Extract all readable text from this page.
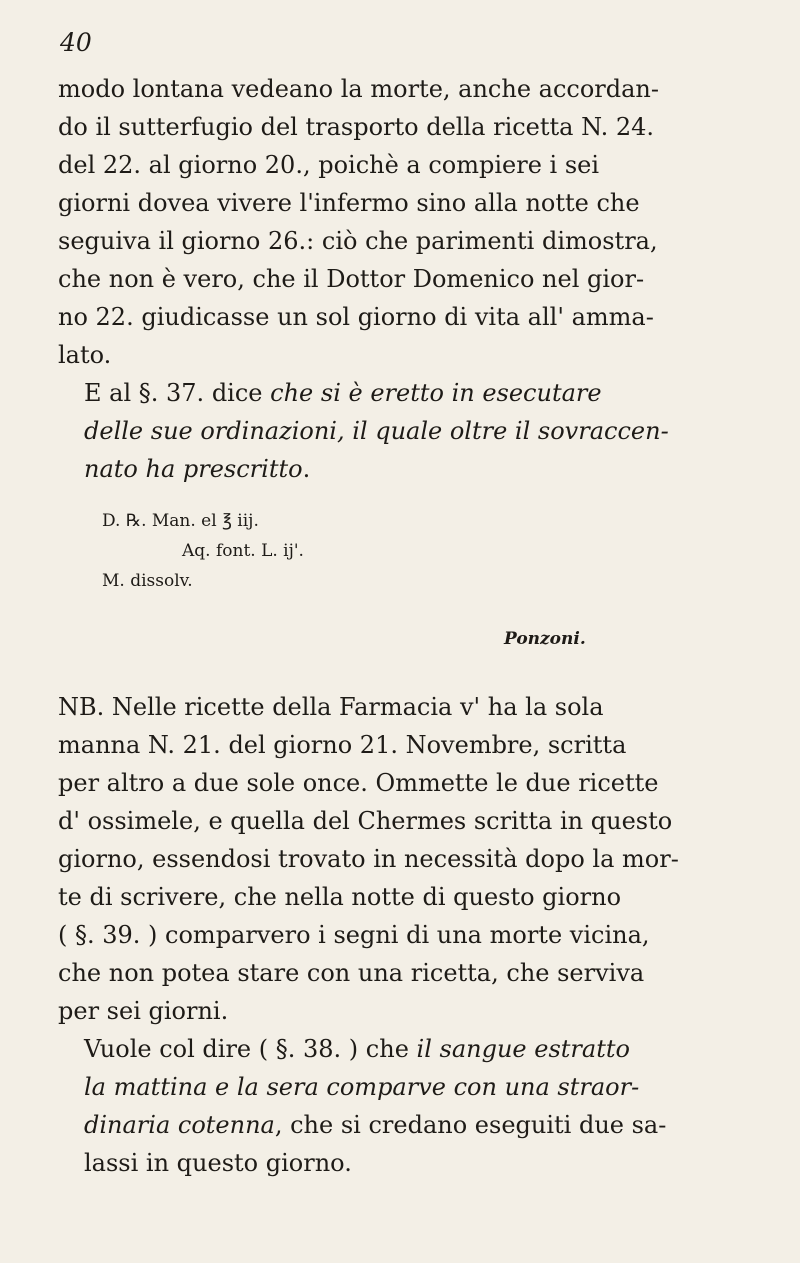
40

modo lontana vedeano la morte, anche accordan-
do il sutterfugio del trasporto della ricetta N. 24.
del 22. al giorno 20., poichè a compiere i sei
giorni dovea vivere l'infermo sino alla notte che
seguiva il giorno 26.: ciò che parimenti dimostra,
che non è vero, che il Dottor Domenico nel gior-
no 22. giudicasse un sol giorno di vita all' amma-
lato.

E al §. 37. dice che si è eretto in esecutare
delle sue ordinazioni, il quale oltre il sovraccen-
nato ha prescritto.

D. ℞. Man. el ℥ iij.
Aq. font. L. ij'.
M. dissolv.
Ponzoni.

NB. Nelle ricette della Farmacia v' ha la sola
manna N. 21. del giorno 21. Novembre, scritta
per altro a due sole once. Ommette le due ricette
d' ossimele, e quella del Chermes scritta in questo
giorno, essendosi trovato in necessità dopo la mor-
te di scrivere, che nella notte di questo giorno
( §. 39. ) comparvero i segni di una morte vicina,
che non potea stare con una ricetta, che serviva
per sei giorni.

Vuole col dire ( §. 38. ) che il sangue estratto
la mattina e la sera comparve con una straor-
dinaria cotenna, che si credano eseguiti due sa-
lassi in questo giorno.
